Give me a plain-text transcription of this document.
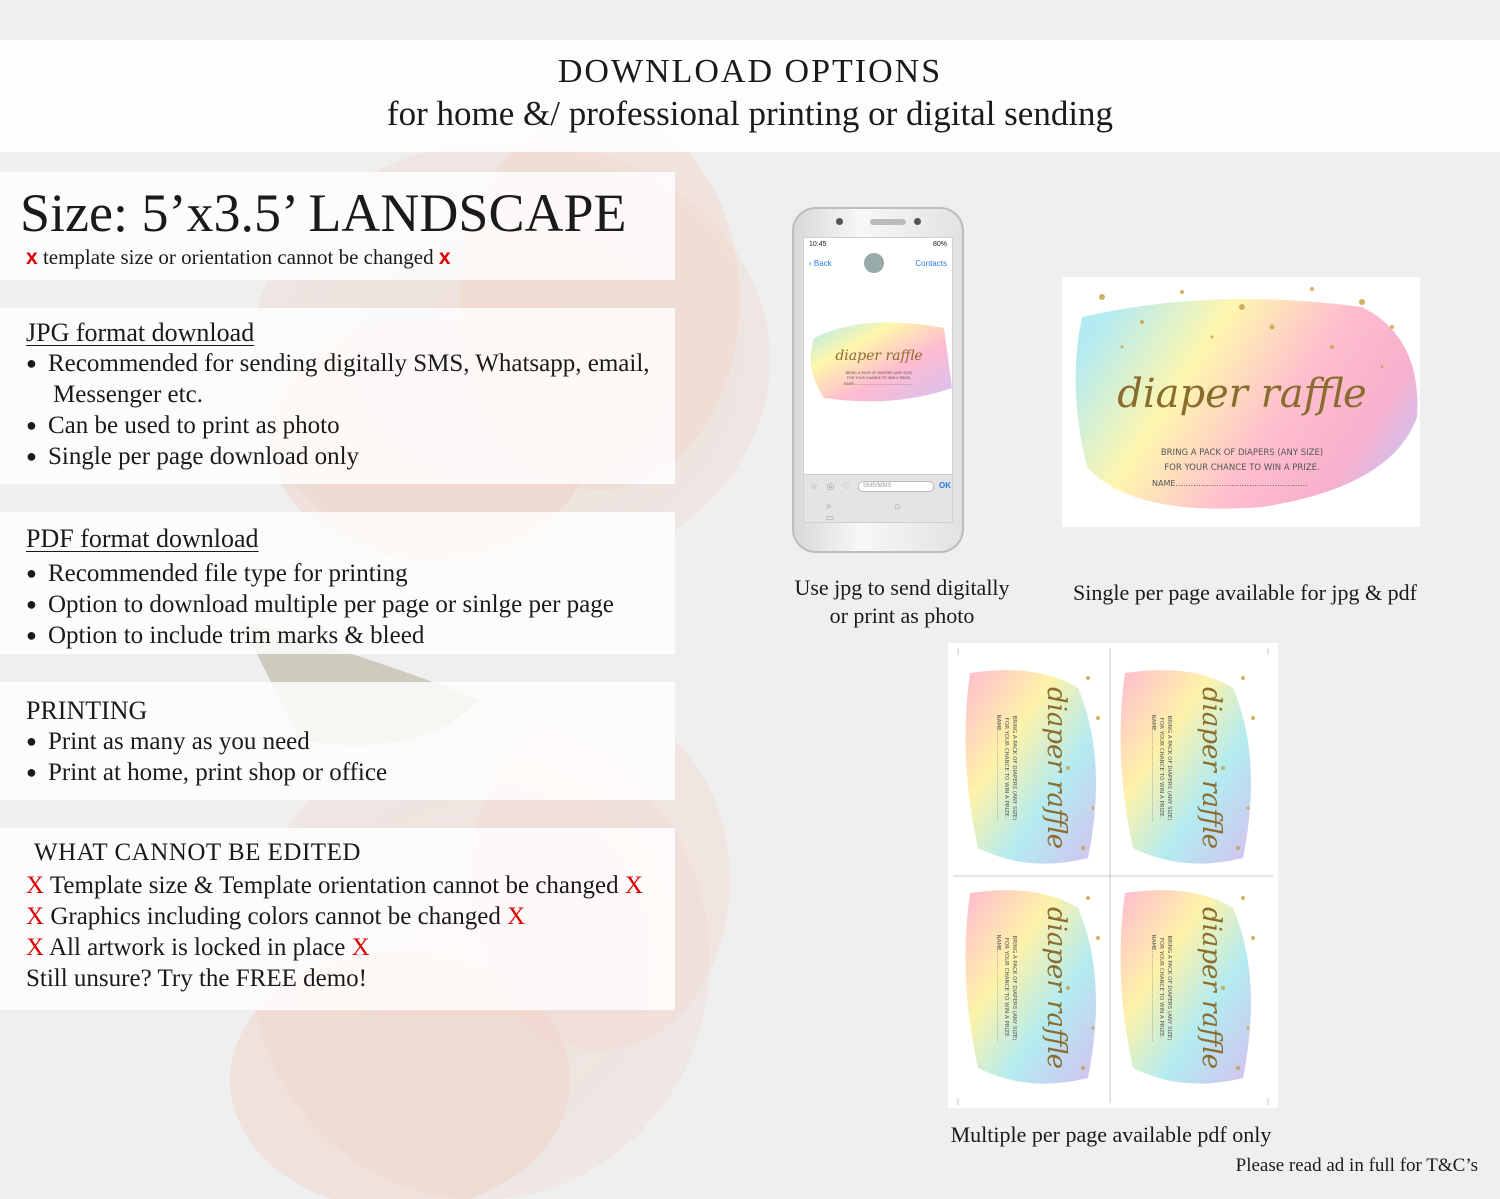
DOWNLOAD OPTIONS
for home &/ professional printing or digital sending
Size: 5’x3.5’ LANDSCAPE
x template size or orientation cannot be changed x
JPG format download
● Recommended for sending digitally SMS, Whatsapp, email,
Messenger etc.
● Can be used to print as photo
● Single per page download only
PDF format download
● Recommended file type for printing
● Option to download multiple per page or sinlge per page
● Option to include trim marks & bleed
PRINTING
● Print as many as you need
● Print at home, print shop or office
WHAT CANNOT BE EDITED
X Template size & Template orientation cannot be changed X
X Graphics including colors cannot be changed X
X All artwork is locked in place X
Still unsure? Try the FREE demo!
10:45	80%
‹ Back	Contacts
diaper raffle
BRING A PACK OF DIAPERS (ANY SIZE)
FOR YOUR CHANCE TO WIN A PRIZE.
NAME....................................................
☆ ◎ ♡	SMS/MMS	OK
⌕ ⌂ ▭
Use jpg to send digitally
or print as photo
diaper raffle
BRING A PACK OF DIAPERS (ANY SIZE)
FOR YOUR CHANCE TO WIN A PRIZE.
NAME....................................................
Single per page available for jpg & pdf
diaper raffle	diaper raffle
diaper raffle	diaper raffle
BRING A PACK OF DIAPERS (ANY SIZE)	BRING A PACK OF DIAPERS (ANY SIZE)
BRING A PACK OF DIAPERS (ANY SIZE)	BRING A PACK OF DIAPERS (ANY SIZE)
FOR YOUR CHANCE TO WIN A PRIZE.	FOR YOUR CHANCE TO WIN A PRIZE.
FOR YOUR CHANCE TO WIN A PRIZE.	FOR YOUR CHANCE TO WIN A PRIZE.
NAME....................................................	NAME....................................................
NAME....................................................	NAME....................................................
Multiple per page available pdf only
Please read ad in full for T&C’s
